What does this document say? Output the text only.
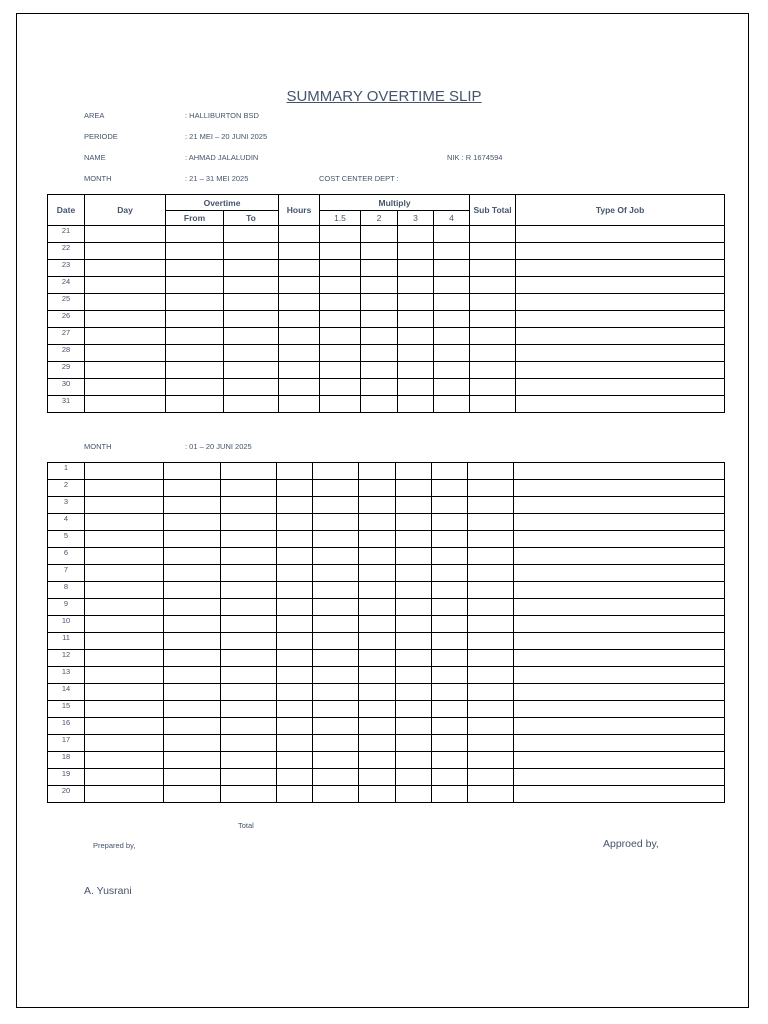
SUMMARY OVERTIME SLIP
AREA	: HALLIBURTON BSD
PERIODE	: 21 MEI – 20 JUNI 2025
NAME	: AHMAD JALALUDIN	NIK : R 1674594
MONTH	: 21 – 31 MEI 2025	COST CENTER DEPT :
Date	Day	Overtime		Hours	Multiply				Sub Total	Type Of Job
		From	To		1.5	2	3	4		
21										
22										
23										
24										
25										
26										
27										
28										
29										
30										
31										
MONTH	: 01 – 20 JUNI 2025
1										
2										
3										
4										
5										
6										
7										
8										
9										
10										
11										
12										
13										
14										
15										
16										
17										
18										
19										
20										
Total
Prepared by,	Approed by,
A. Yusrani
